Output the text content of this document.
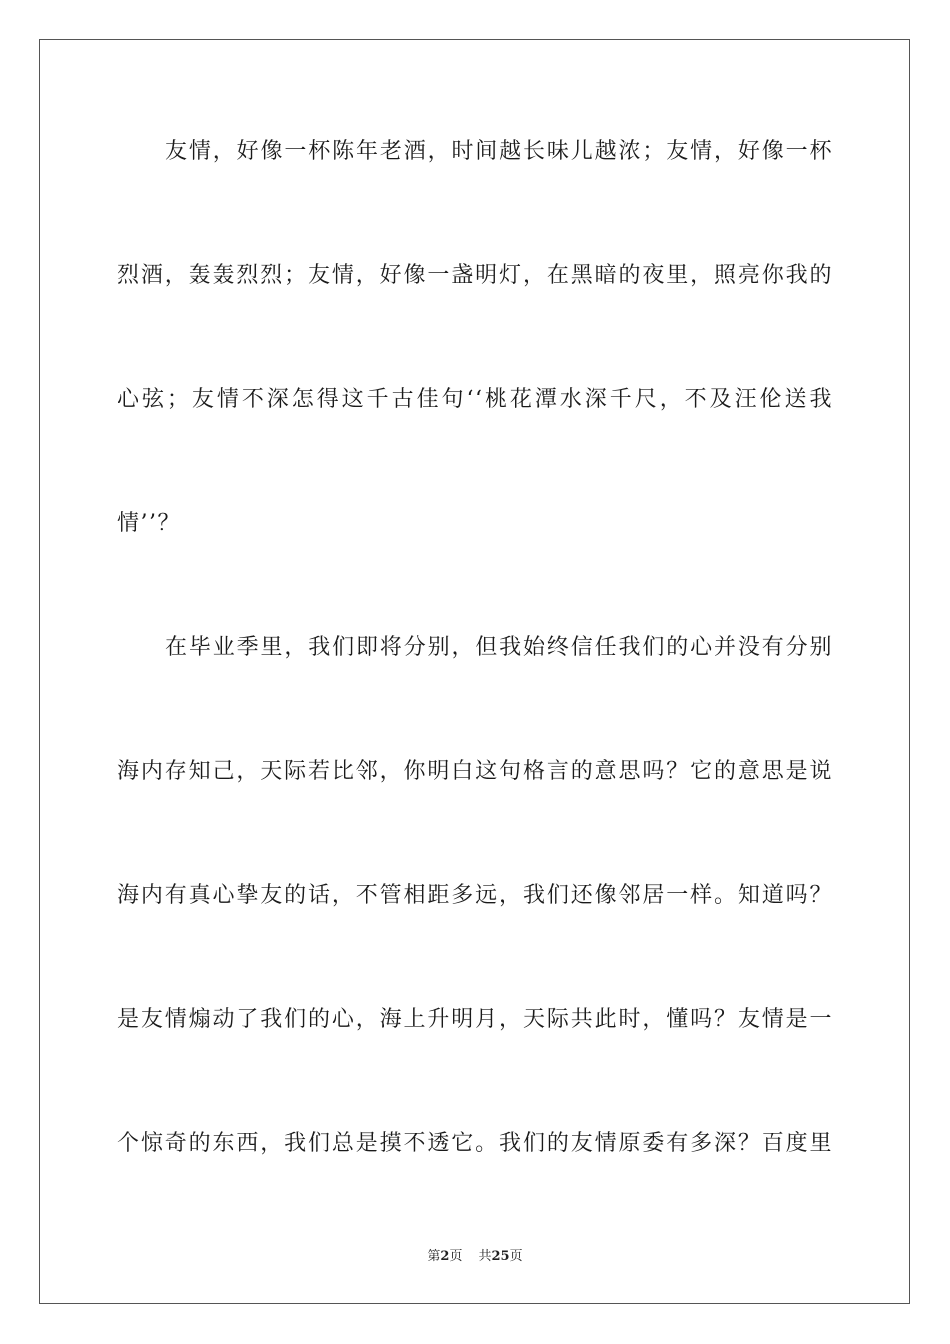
友情，好像一杯陈年老酒，时间越长味儿越浓；友情，好像一杯
烈酒，轰轰烈烈；友情，好像一盏明灯，在黑暗的夜里，照亮你我的
心弦；友情不深怎得这千古佳句‘‘桃花潭水深千尺，不及汪伦送我
情’’？
在毕业季里，我们即将分别，但我始终信任我们的心并没有分别
海内存知己，天际若比邻，你明白这句格言的意思吗？它的意思是说
海内有真心挚友的话，不管相距多远，我们还像邻居一样。知道吗？
是友情煽动了我们的心，海上升明月，天际共此时，懂吗？友情是一
个惊奇的东西，我们总是摸不透它。我们的友情原委有多深？百度里
第2页 共25页
